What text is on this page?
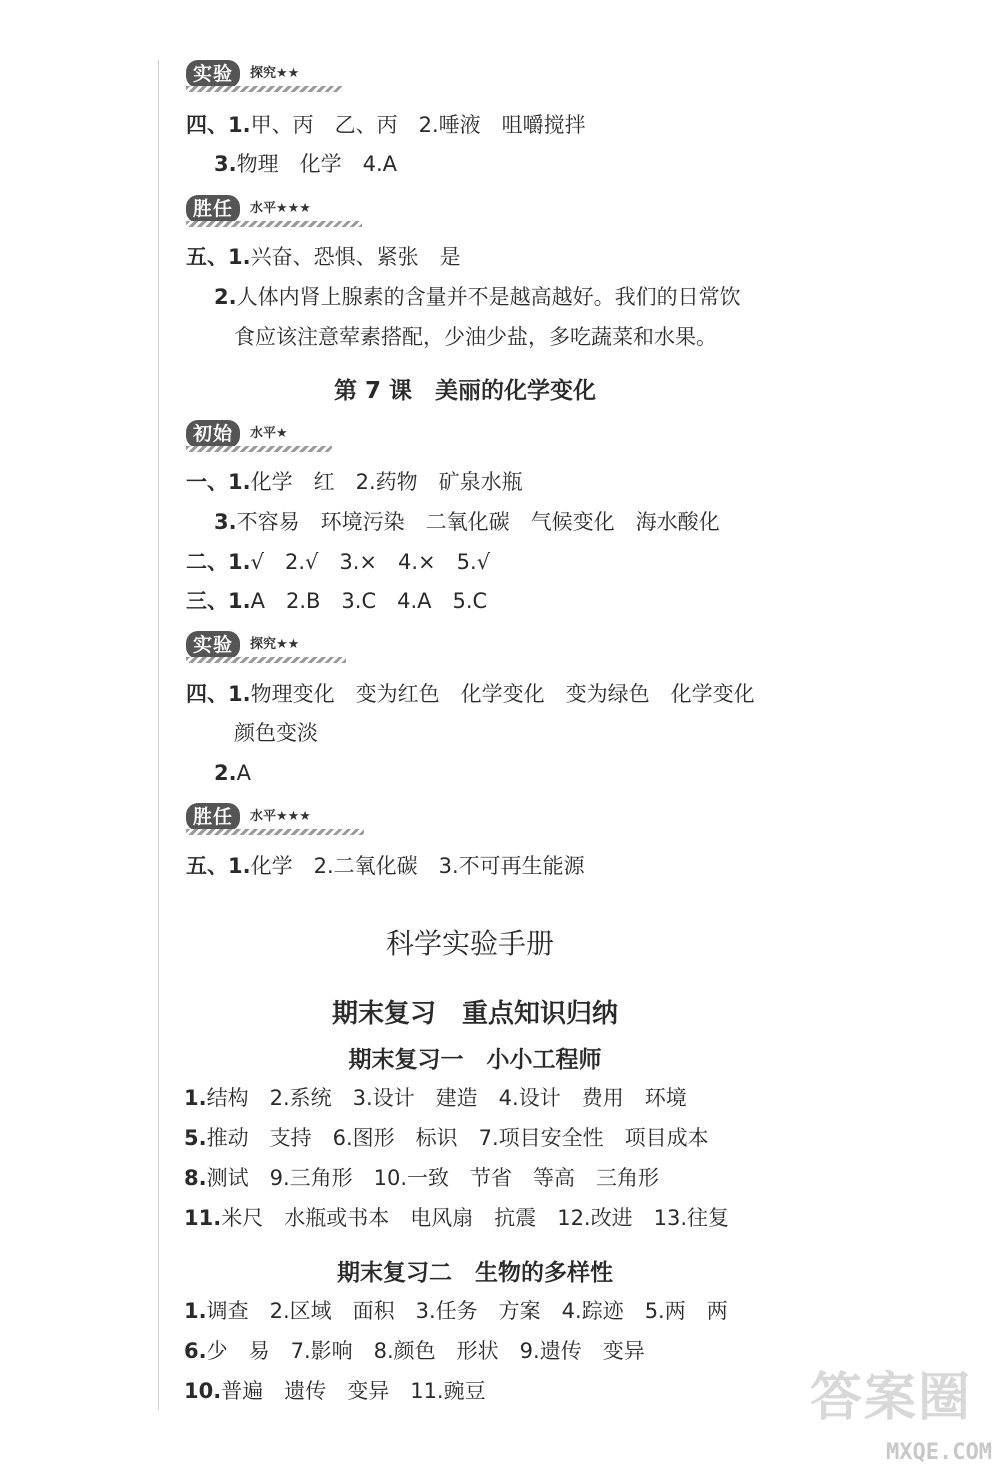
实验	探究★★
四、1.甲、丙　乙、丙　2.唾液　咀嚼搅拌
3.物理　化学　4.A
胜任	水平★★★
五、1.兴奋、恐惧、紧张　是
2.人体内肾上腺素的含量并不是越高越好。我们的日常饮
食应该注意荤素搭配，少油少盐，多吃蔬菜和水果。
第 7 课　美丽的化学变化
初始	水平★
一、1.化学　红　2.药物　矿泉水瓶
3.不容易　环境污染　二氧化碳　气候变化　海水酸化
二、1.√　2.√　3.×　4.×　5.√
三、1.A　2.B　3.C　4.A　5.C
实验	探究★★
四、1.物理变化　变为红色　化学变化　变为绿色　化学变化
颜色变淡
2.A
胜任	水平★★★
五、1.化学　2.二氧化碳　3.不可再生能源
科学实验手册
期末复习　重点知识归纳
期末复习一　小小工程师
1.结构　2.系统　3.设计　建造　4.设计　费用　环境
5.推动　支持　6.图形　标识　7.项目安全性　项目成本
8.测试　9.三角形　10.一致　节省　等高　三角形
11.米尺　水瓶或书本　电风扇　抗震　12.改进　13.往复
期末复习二　生物的多样性
1.调查　2.区域　面积　3.任务　方案　4.踪迹　5.两　两
6.少　易　7.影响　8.颜色　形状　9.遗传　变异
10.普遍　遗传　变异　11.豌豆	答案圈
MXQE.COM
